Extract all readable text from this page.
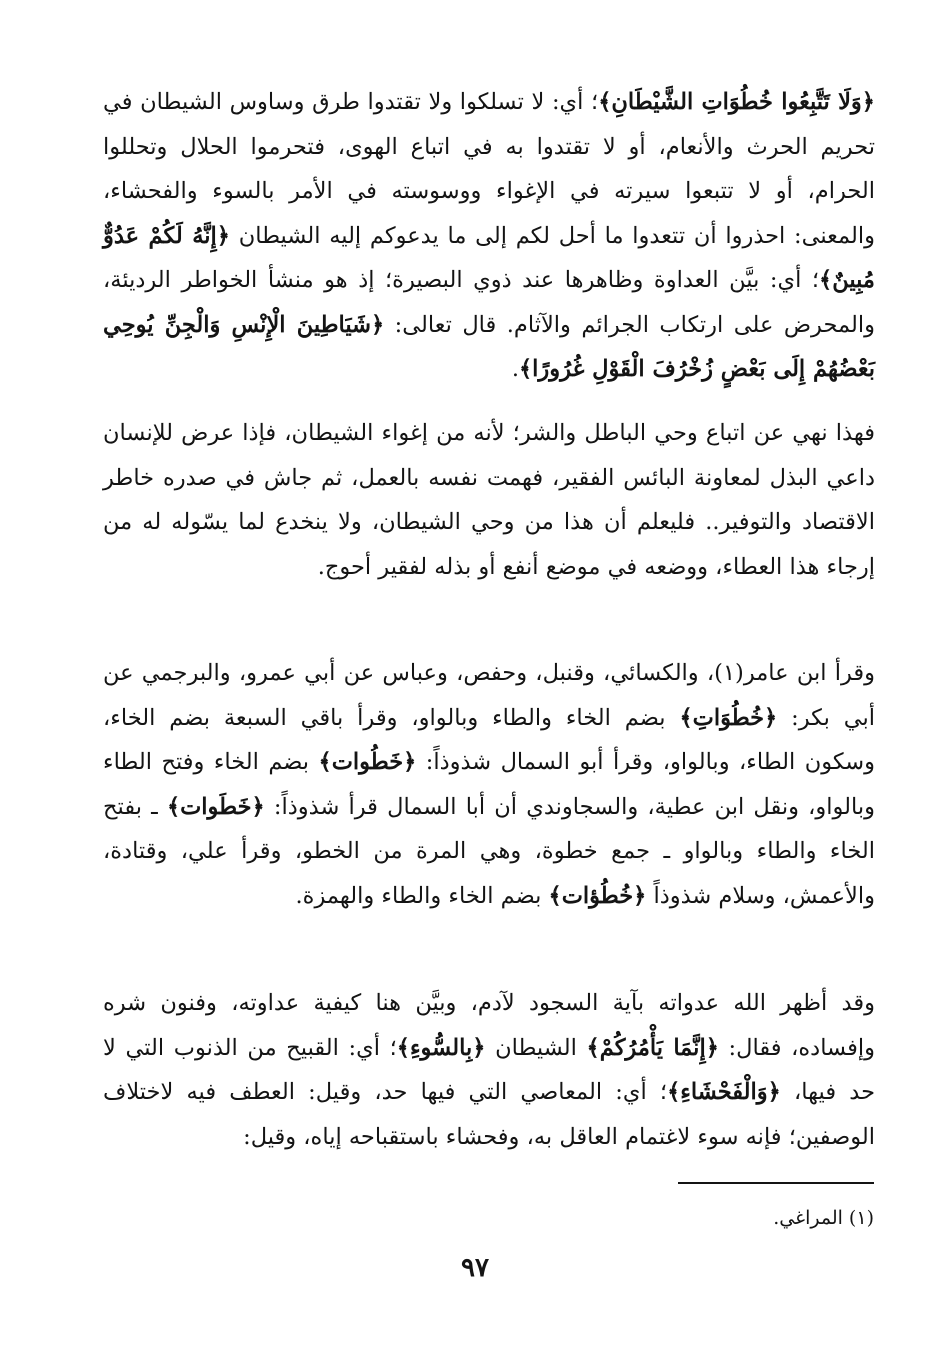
﴿وَلَا تَتَّبِعُوا خُطُوَاتِ الشَّيْطَانِ﴾؛ أي: لا تسلكوا ولا تقتدوا طرق وساوس الشيطان في تحريم الحرث والأنعام، أو لا تقتدوا به في اتباع الهوى، فتحرموا الحلال وتحللوا الحرام، أو لا تتبعوا سيرته في الإغواء ووسوسته في الأمر بالسوء والفحشاء، والمعنى: احذروا أن تتعدوا ما أحل لكم إلى ما يدعوكم إليه الشيطان ﴿إِنَّهُ لَكُمْ عَدُوٌّ مُبِينٌ﴾؛ أي: بيَّن العداوة وظاهرها عند ذوي البصيرة؛ إذ هو منشأ الخواطر الرديئة، والمحرض على ارتكاب الجرائم والآثام. قال تعالى: ﴿شَيَاطِينَ الْإِنْسِ وَالْجِنِّ يُوحِي بَعْضُهُمْ إِلَى بَعْضٍ زُخْرُفَ الْقَوْلِ غُرُورًا﴾.
فهذا نهي عن اتباع وحي الباطل والشر؛ لأنه من إغواء الشيطان، فإذا عرض للإنسان داعي البذل لمعاونة البائس الفقير، فهمت نفسه بالعمل، ثم جاش في صدره خاطر الاقتصاد والتوفير.. فليعلم أن هذا من وحي الشيطان، ولا ينخدع لما يسّوله له من إرجاء هذا العطاء، ووضعه في موضع أنفع أو بذله لفقير أحوج.
وقرأ ابن عامر(١)، والكسائي، وقنبل، وحفص، وعباس عن أبي عمرو، والبرجمي عن أبي بكر: ﴿خُطُوَاتِ﴾ بضم الخاء والطاء وبالواو، وقرأ باقي السبعة بضم الخاء، وسكون الطاء، وبالواو، وقرأ أبو السمال شذوذاً: ﴿خَطُوات﴾ بضم الخاء وفتح الطاء وبالواو، ونقل ابن عطية، والسجاوندي أن أبا السمال قرأ شذوذاً: ﴿خَطَوات﴾ ـ بفتح الخاء والطاء وبالواو ـ جمع خطوة، وهي المرة من الخطو، وقرأ علي، وقتادة، والأعمش، وسلام شذوذاً ﴿خُطُؤات﴾ بضم الخاء والطاء والهمزة.
وقد أظهر الله عدواته بآية السجود لآدم، وبيَّن هنا كيفية عداوته، وفنون شره وإفساده، فقال: ﴿إِنَّمَا يَأْمُرُكُمْ﴾ الشيطان ﴿بِالسُّوءِ﴾؛ أي: القبيح من الذنوب التي لا حد فيها، ﴿وَالْفَحْشَاءِ﴾؛ أي: المعاصي التي فيها حد، وقيل: العطف فيه لاختلاف الوصفين؛ فإنه سوء لاغتمام العاقل به، وفحشاء باستقباحه إياه، وقيل:
(١) المراغي.
٩٧
